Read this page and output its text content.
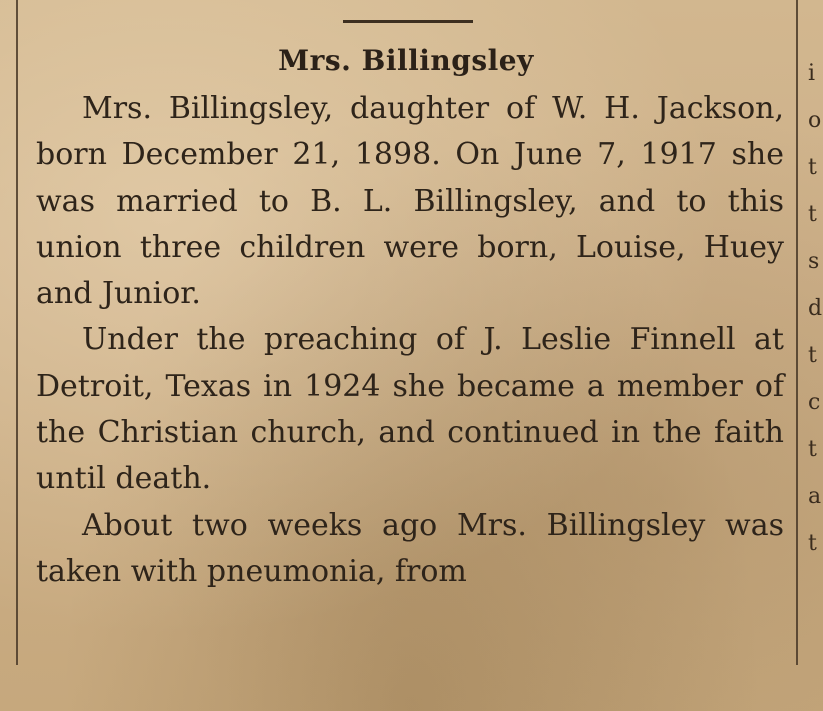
i
o
t
t
s
d
t
c
t
a
t
Mrs. Billingsley

Mrs. Billingsley, daughter of W. H. Jackson, born December 21, 1898. On June 7, 1917 she was married to B. L. Billingsley, and to this union three children were born, Louise, Huey and Junior.

Under the preaching of J. Leslie Finnell at Detroit, Texas in 1924 she became a member of the Christian church, and continued in the faith until death.

About two weeks ago Mrs. Billingsley was taken with pneumonia, from
